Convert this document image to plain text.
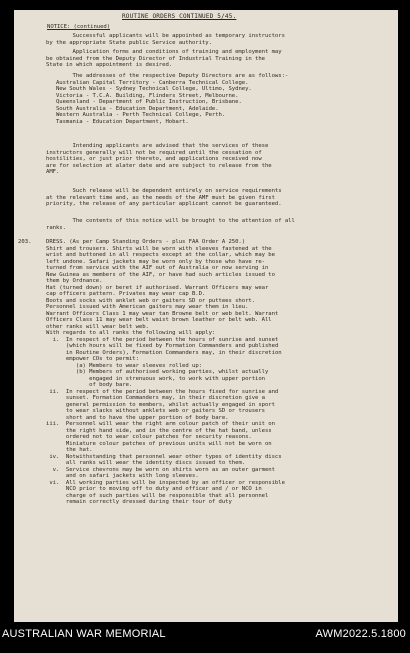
ROUTINE ORDERS CONTINUED 5/45.
NOTICE: (continued)
Successful applicants will be appointed as temporary instructors
by the appropriate State public Service authority.
Application forms and conditions of training and employment may
be obtained from the Deputy Director of Industrial Training in the
State in which appointment is desired.
The addresses of the respective Deputy Directors are as follows:-
Australian Capital Territory - Canberra Technical College.
New South Wales - Sydney Technical College, Ultimo, Sydney.
Victoria - T.C.A. Building, Flinders Street, Melbourne.
Queensland - Department of Public Instruction, Brisbane.
South Australia - Education Department, Adelaide.
Western Australia - Perth Technical College, Perth.
Tasmania - Education Department, Hobart.
Intending applicants are advised that the services of these
instructors generally will not be required until the cessation of
hostilities, or just prior thereto, and applications received now
are for selection at alater date and are subject to release from the
AMF.
Such release will be dependent entirely on service requirements
at the relevant time and, as the needs of the AMF must be given first
priority, the release of any particular applicant cannot be guaranteed.
The contents of this notice will be brought to the attention of all
ranks.
203.	DRESS. (As per Camp Standing Orders - plus FAA Order A 250.)
Shirt and trousers. Shirts will be worn with sleeves fastened at the
wrist and buttoned in all respects except at the collar, which may be
left undone. Safari jackets may be worn only by those who have re-
turned from service with the AIF out of Australia or now serving in
New Guinea as members of the AIF, or have had such articles issued to
them by Ordnance.
Hat (turned down) or beret if authorised. Warrant Officers may wear
cap officers pattern. Privates may wear cap B.D.
Boots and socks with anklet web or gaiters SD or puttees short.
Personnel issued with American gaiters may wear them in lieu.
Warrant Officers Class 1 may wear tan Browne belt or web belt. Warrant
Officers Class 11 may wear belt waist brown leather or belt web. All
other ranks will wear belt web.
With regards to all ranks the following will apply:
i.  In respect of the period between the hours of sunrise and sunset
(which hours will be fixed by Formation Commanders and published
in Routine Orders), Formation Commanders may, in their discretion
empower COs to permit:
(a) Members to wear sleeves rolled up:
(b) Members of authorised working parties, whilst actually
engaged in strenuous work, to work with upper portion
of body bare.
ii.  In respect of the period between the hours fixed for sunrise and
sunset. Formation Commanders may, in their discretion give a
general permission to members, whilst actually engaged in sport
to wear slacks without anklets web or gaiters SD or trousers
short and to have the upper portion of body bare.
iii.  Personnel will wear the right arm colour patch of their unit on
the right hand side, and in the centre of the hat band, unless
ordered not to wear colour patches for security reasons.
Miniature colour patches of previous units will not be worn on
the hat.
iv.  Notwithstanding that personnel wear other types of identity discs
all ranks will wear the identity discs issued to them.
v.  Service chevrons may be worn on shirts worn as an outer garment
and on safari jackets with long sleeves.
vi.  All working parties will be inspected by an officer or responsible
NCO prior to moving off to duty and officer and / or NCO in
charge of such parties will be responsible that all personnel
remain correctly dressed during their tour of duty
AUSTRALIAN WAR MEMORIAL	AWM2022.5.1800
